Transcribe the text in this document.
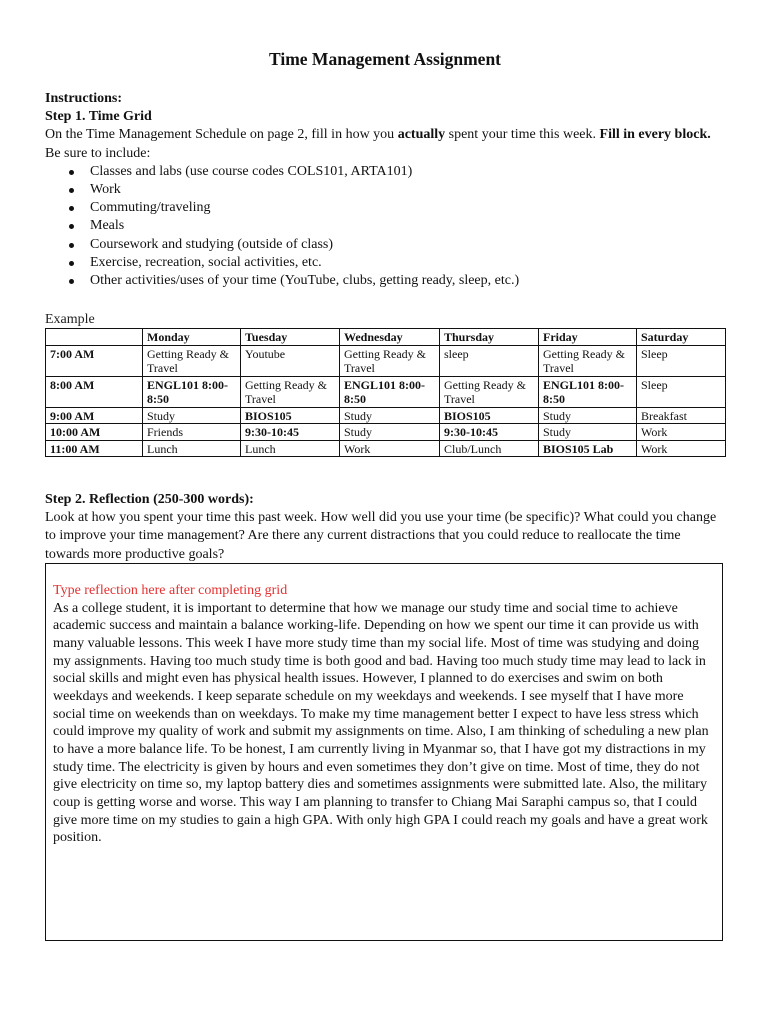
Time Management Assignment

Instructions:

Step 1. Time Grid

On the Time Management Schedule on page 2, fill in how you actually spent your time this week. Fill in every block. Be sure to include:

Classes and labs (use course codes COLS101, ARTA101)
Work
Commuting/traveling
Meals
Coursework and studying (outside of class)
Exercise, recreation, social activities, etc.
Other activities/uses of your time (YouTube, clubs, getting ready, sleep, etc.)
Example
	Monday	Tuesday	Wednesday	Thursday	Friday	Saturday
7:00 AM	Getting Ready & Travel	Youtube	Getting Ready & Travel	sleep	Getting Ready & Travel	Sleep
8:00 AM	ENGL101 8:00-8:50	Getting Ready & Travel	ENGL101 8:00-8:50	Getting Ready & Travel	ENGL101 8:00-8:50	Sleep
9:00 AM	Study	BIOS105	Study	BIOS105	Study	Breakfast
10:00 AM	Friends	9:30-10:45	Study	9:30-10:45	Study	Work
11:00 AM	Lunch	Lunch	Work	Club/Lunch	BIOS105 Lab	Work

Step 2. Reflection (250-300 words):

Look at how you spent your time this past week. How well did you use your time (be specific)? What could you change to improve your time management? Are there any current distractions that you could reduce to reallocate the time towards more productive goals?

Type reflection here after completing grid

As a college student, it is important to determine that how we manage our study time and social time to achieve academic success and maintain a balance working-life. Depending on how we spent our time it can provide us with many valuable lessons. This week I have more study time than my social life. Most of time was studying and doing my assignments. Having too much study time is both good and bad. Having too much study time may lead to lack in social skills and might even has physical health issues. However, I planned to do exercises and swim on both weekdays and weekends. I keep separate schedule on my weekdays and weekends. I see myself that I have more social time on weekends than on weekdays. To make my time management better I expect to have less stress which could improve my quality of work and submit my assignments on time. Also, I am thinking of scheduling a new plan to have a more balance life. To be honest, I am currently living in Myanmar so, that I have got my distractions in my study time. The electricity is given by hours and even sometimes they don’t give on time. Most of time, they do not give electricity on time so, my laptop battery dies and sometimes assignments were submitted late. Also, the military coup is getting worse and worse. This way I am planning to transfer to Chiang Mai Saraphi campus so, that I could give more time on my studies to gain a high GPA. With only high GPA I could reach my goals and have a great work position.
